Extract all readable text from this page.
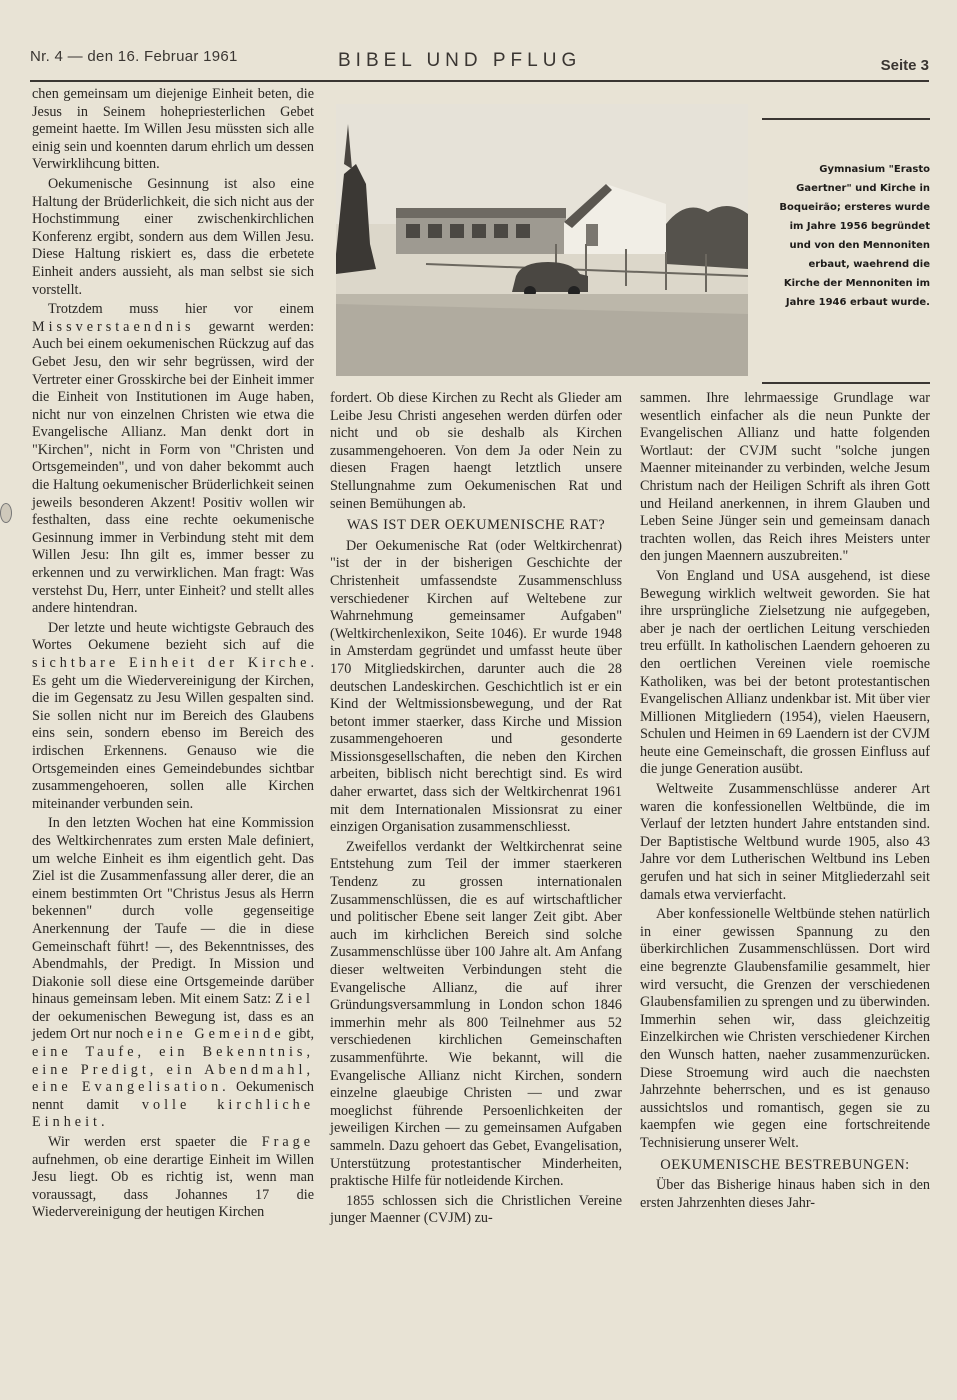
Nr. 4 — den 16. Februar 1961	BIBEL UND PFLUG	Seite 3

chen gemeinsam um diejenige Einheit beten, die Jesus in Seinem hohepriesterlichen Gebet gemeint haette. Im Willen Jesu müssten sich alle einig sein und koennten darum ehrlich um dessen Verwirklihcung bitten.

Oekumenische Gesinnung ist also eine Haltung der Brüderlichkeit, die sich nicht aus der Hochstimmung einer zwischenkirchlichen Konferenz ergibt, sondern aus dem Willen Jesu. Diese Haltung riskiert es, dass die erbetete Einheit anders aussieht, als man selbst sie sich vorstellt.

Trotzdem muss hier vor einem Missverstaendnis gewarnt werden: Auch bei einem oekumenischen Rückzug auf das Gebet Jesu, den wir sehr begrüssen, wird der Vertreter einer Grosskirche bei der Einheit immer die Einheit von Institutionen im Auge haben, nicht nur von einzelnen Christen wie etwa die Evangelische Allianz. Man denkt dort in "Kirchen", nicht in Form von "Christen und Ortsgemeinden", und von daher bekommt auch die Haltung oekumenischer Brüderlichkeit seinen jeweils besonderen Akzent! Positiv wollen wir festhalten, dass eine rechte oekumenische Gesinnung immer in Verbindung steht mit dem Willen Jesu: Ihn gilt es, immer besser zu erkennen und zu verwirklichen. Man fragt: Was verstehst Du, Herr, unter Einheit? und stellt alles andere hintendran.

Der letzte und heute wichtigste Gebrauch des Wortes Oekumene bezieht sich auf die sichtbare Einheit der Kirche. Es geht um die Wiedervereinigung der Kirchen, die im Gegensatz zu Jesu Willen gespalten sind. Sie sollen nicht nur im Bereich des Glaubens eins sein, sondern ebenso im Bereich des irdischen Erkennens. Genauso wie die Ortsgemeinden eines Gemeindebundes sichtbar zusammengehoeren, sollen alle Kirchen miteinander verbunden sein.

In den letzten Wochen hat eine Kommission des Weltkirchenrates zum ersten Male definiert, um welche Einheit es ihm eigentlich geht. Das Ziel ist die Zusammenfassung aller derer, die an einem bestimmten Ort "Christus Jesus als Herrn bekennen" durch volle gegenseitige Anerkennung der Taufe — die in diese Gemeinschaft führt! —, des Bekenntnisses, des Abendmahls, der Predigt. In Mission und Diakonie soll diese eine Ortsgemeinde darüber hinaus gemeinsam leben. Mit einem Satz: Ziel der oekumenischen Bewegung ist, dass es an jedem Ort nur noch eine Gemeinde gibt, eine Taufe, ein Bekenntnis, eine Predigt, ein Abendmahl, eine Evangelisation. Oekumenisch nennt damit volle kirchliche Einheit.

Wir werden erst spaeter die Frage aufnehmen, ob eine derartige Einheit im Willen Jesu liegt. Ob es richtig ist, wenn man voraussagt, dass Johannes 17 die Wiedervereinigung der heutigen Kirchen

Gymnasium "Erasto Gaertner" und Kirche in Boqueirão; ersteres wurde im Jahre 1956 begründet und von den Mennoniten erbaut, waehrend die Kirche der Mennoniten im Jahre 1946 erbaut wurde.

fordert. Ob diese Kirchen zu Recht als Glieder am Leibe Jesu Christi angesehen werden dürfen oder nicht und ob sie deshalb als Kirchen zusammengehoeren. Von dem Ja oder Nein zu diesen Fragen haengt letztlich unsere Stellungnahme zum Oekumenischen Rat und seinen Bemühungen ab.

WAS IST DER OEKUMENISCHE RAT?

Der Oekumenische Rat (oder Weltkirchenrat) "ist der in der bisherigen Geschichte der Christenheit umfassendste Zusammenschluss verschiedener Kirchen auf Weltebene zur Wahrnehmung gemeinsamer Aufgaben" (Weltkirchenlexikon, Seite 1046). Er wurde 1948 in Amsterdam gegründet und umfasst heute über 170 Mitgliedskirchen, darunter auch die 28 deutschen Landeskirchen. Geschichtlich ist er ein Kind der Weltmissionsbewegung, und der Rat betont immer staerker, dass Kirche und Mission zusammengehoeren und gesonderte Missionsgesellschaften, die neben den Kirchen arbeiten, biblisch nicht berechtigt sind. Es wird daher erwartet, dass sich der Weltkirchenrat 1961 mit dem Internationalen Missionsrat zu einer einzigen Organisation zusammenschliesst.

Zweifellos verdankt der Weltkirchenrat seine Entstehung zum Teil der immer staerkeren Tendenz zu grossen internationalen Zusammenschlüssen, die es auf wirtschaftlicher und politischer Ebene seit langer Zeit gibt. Aber auch im kirhclichen Bereich sind solche Zusammenschlüsse über 100 Jahre alt. Am Anfang dieser weltweiten Verbindungen steht die Evangelische Allianz, die auf ihrer Gründungsversammlung in London schon 1846 immerhin mehr als 800 Teilnehmer aus 52 verschiedenen kirchlichen Gemeinschaften zusammenführte. Wie bekannt, will die Evangelische Allianz nicht Kirchen, sondern einzelne glaeubige Christen — und zwar moeglichst führende Persoenlichkeiten der jeweiligen Kirchen — zu gemeinsamen Aufgaben sammeln. Dazu gehoert das Gebet, Evangelisation, Unterstützung protestantischer Minderheiten, praktische Hilfe für notleidende Kirchen.

1855 schlossen sich die Christlichen Vereine junger Maenner (CVJM) zu-

sammen. Ihre lehrmaessige Grundlage war wesentlich einfacher als die neun Punkte der Evangelischen Allianz und hatte folgenden Wortlaut: der CVJM sucht "solche jungen Maenner miteinander zu verbinden, welche Jesum Christum nach der Heiligen Schrift als ihren Gott und Heiland anerkennen, in ihrem Glauben und Leben Seine Jünger sein und gemeinsam danach trachten wollen, das Reich ihres Meisters unter den jungen Maennern auszubreiten."

Von England und USA ausgehend, ist diese Bewegung wirklich weltweit geworden. Sie hat ihre ursprüngliche Zielsetzung nie aufgegeben, aber je nach der oertlichen Leitung verschieden treu erfüllt. In katholischen Laendern gehoeren zu den oertlichen Vereinen viele roemische Katholiken, was bei der betont protestantischen Evangelischen Allianz undenkbar ist. Mit über vier Millionen Mitgliedern (1954), vielen Haeusern, Schulen und Heimen in 69 Laendern ist der CVJM heute eine Gemeinschaft, die grossen Einfluss auf die junge Generation ausübt.

Weltweite Zusammenschlüsse anderer Art waren die konfessionellen Weltbünde, die im Verlauf der letzten hundert Jahre entstanden sind. Der Baptistische Weltbund wurde 1905, also 43 Jahre vor dem Lutherischen Weltbund ins Leben gerufen und hat sich in seiner Mitgliederzahl seit damals etwa vervierfacht.

Aber konfessionelle Weltbünde stehen natürlich in einer gewissen Spannung zu den überkirchlichen Zusammenschlüssen. Dort wird eine begrenzte Glaubensfamilie gesammelt, hier wird versucht, die Grenzen der verschiedenen Glaubensfamilien zu sprengen und zu überwinden. Immerhin sehen wir, dass gleichzeitig Einzelkirchen wie Christen verschiedener Kirchen den Wunsch hatten, naeher zusammenzurücken. Diese Stroemung wird auch die naechsten Jahrzehnte beherrschen, und es ist genauso aussichtslos und romantisch, gegen sie zu kaempfen wie gegen eine fortschreitende Technisierung unserer Welt.

OEKUMENISCHE BESTREBUNGEN:

Über das Bisherige hinaus haben sich in den ersten Jahrzenhten dieses Jahr-
